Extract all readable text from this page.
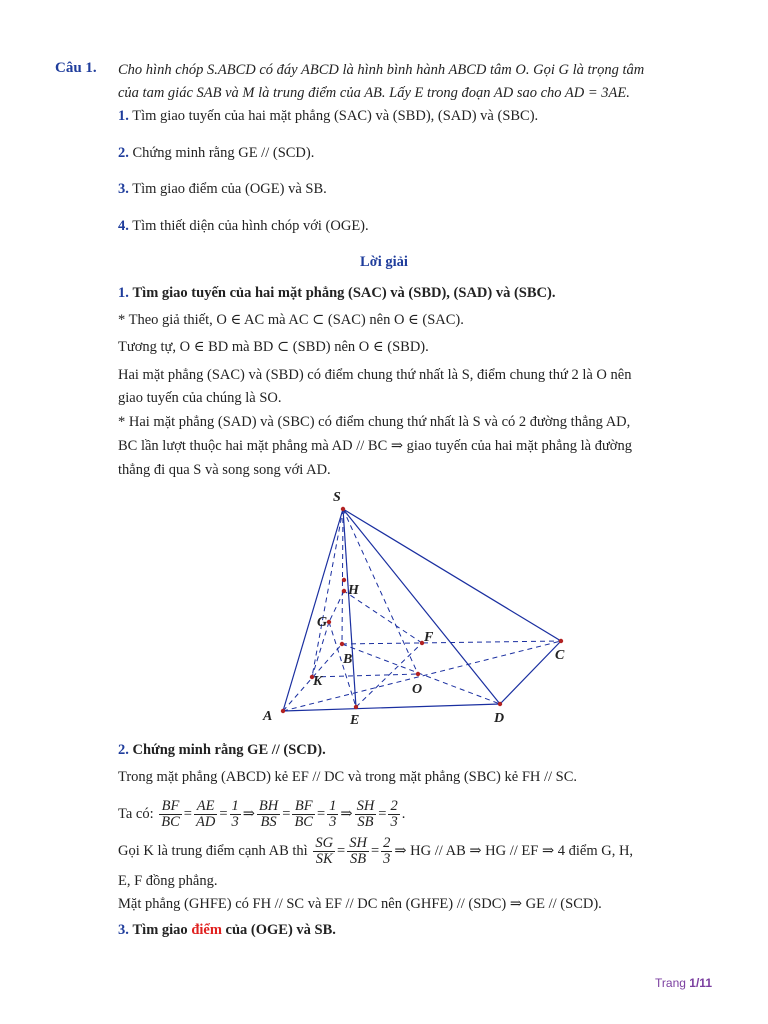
Câu 1. Cho hình chóp S.ABCD có đáy ABCD là hình bình hành ABCD tâm O. Gọi G là trọng tâm
của tam giác SAB và M là trung điểm của AB. Lấy E trong đoạn AD sao cho AD = 3AE.
1. Tìm giao tuyến của hai mặt phẳng (SAC) và (SBD), (SAD) và (SBC).
2. Chứng minh rằng GE // (SCD).
3. Tìm giao điểm của (OGE) và SB.
4. Tìm thiết diện của hình chóp với (OGE).
Lời giải
1. Tìm giao tuyến của hai mặt phẳng (SAC) và (SBD), (SAD) và (SBC).
* Theo giả thiết, O ∈ AC mà AC ⊂ (SAC) nên O ∈ (SAC).
Tương tự, O ∈ BD mà BD ⊂ (SBD) nên O ∈ (SBD).
Hai mặt phẳng (SAC) và (SBD) có điểm chung thứ nhất là S, điểm chung thứ 2 là O nên
giao tuyến của chúng là SO.
* Hai mặt phẳng (SAD) và (SBC) có điểm chung thứ nhất là S và có 2 đường thẳng AD,
BC lần lượt thuộc hai mặt phẳng mà AD // BC ⇒ giao tuyến của hai mặt phẳng là đường
thẳng đi qua S và song song với AD.
S
H
G
F
B	C
K
O
A	E	D
2. Chứng minh rằng GE // (SCD).
Trong mặt phẳng (ABCD) kẻ EF // DC và trong mặt phẳng (SBC) kẻ FH // SC.
Ta có: $\frac{BF}{BC} = \frac{AE}{AD} = \frac{1}{3}$ ⇒ $\frac{BH}{BS} = \frac{BF}{BC} = \frac{1}{3}$ ⇒ $\frac{SH}{SB} = \frac{2}{3}$ .
Gọi K là trung điểm cạnh AB thì $\frac{SG}{SK} = \frac{SH}{SB} = \frac{2}{3}$ ⇒ HG // AB ⇒ HG // EF ⇒ 4 điểm G, H,
E, F đồng phẳng.
Mặt phẳng (GHFE) có FH // SC và EF // DC nên (GHFE) // (SDC) ⇒ GE // (SCD).
3. Tìm giao điểm của (OGE) và SB.
Trang 1/11
